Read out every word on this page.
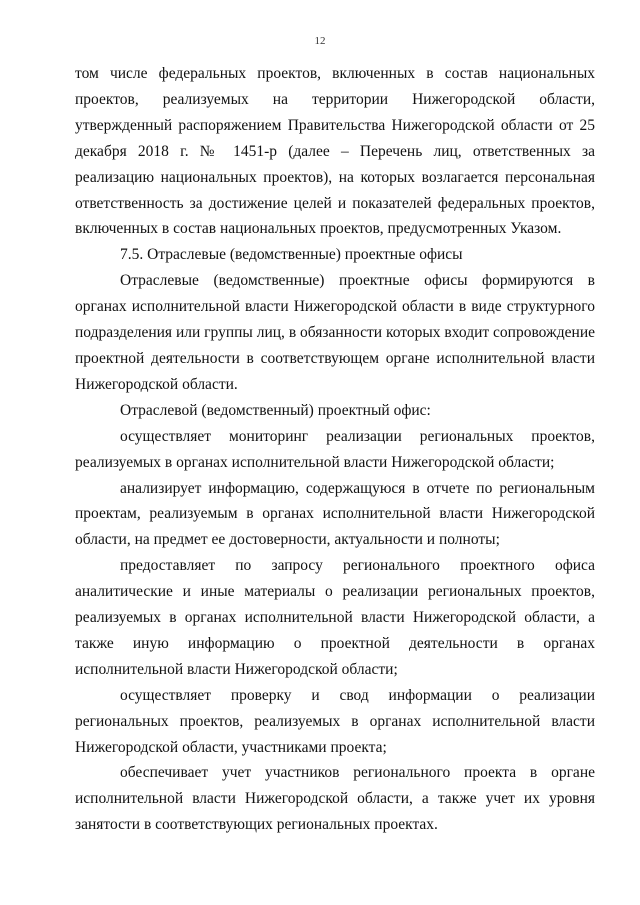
12

том числе федеральных проектов, включенных в состав национальных проектов, реализуемых на территории Нижегородской области, утвержденный распоряжением Правительства Нижегородской области от 25 декабря 2018 г. № 1451-р (далее – Перечень лиц, ответственных за реализацию национальных проектов), на которых возлагается персональная ответственность за достижение целей и показателей федеральных проектов, включенных в состав национальных проектов, предусмотренных Указом.

7.5. Отраслевые (ведомственные) проектные офисы

Отраслевые (ведомственные) проектные офисы формируются в органах исполнительной власти Нижегородской области в виде структурного подразделения или группы лиц, в обязанности которых входит сопровождение проектной деятельности в соответствующем органе исполнительной власти Нижегородской области.

Отраслевой (ведомственный) проектный офис:

осуществляет мониторинг реализации региональных проектов, реализуемых в органах исполнительной власти Нижегородской области;

анализирует информацию, содержащуюся в отчете по региональным проектам, реализуемым в органах исполнительной власти Нижегородской области, на предмет ее достоверности, актуальности и полноты;

предоставляет по запросу регионального проектного офиса аналитические и иные материалы о реализации региональных проектов, реализуемых в органах исполнительной власти Нижегородской области, а также иную информацию о проектной деятельности в органах исполнительной власти Нижегородской области;

осуществляет проверку и свод информации о реализации региональных проектов, реализуемых в органах исполнительной власти Нижегородской области, участниками проекта;

обеспечивает учет участников регионального проекта в органе исполнительной власти Нижегородской области, а также учет их уровня занятости в соответствующих региональных проектах.
